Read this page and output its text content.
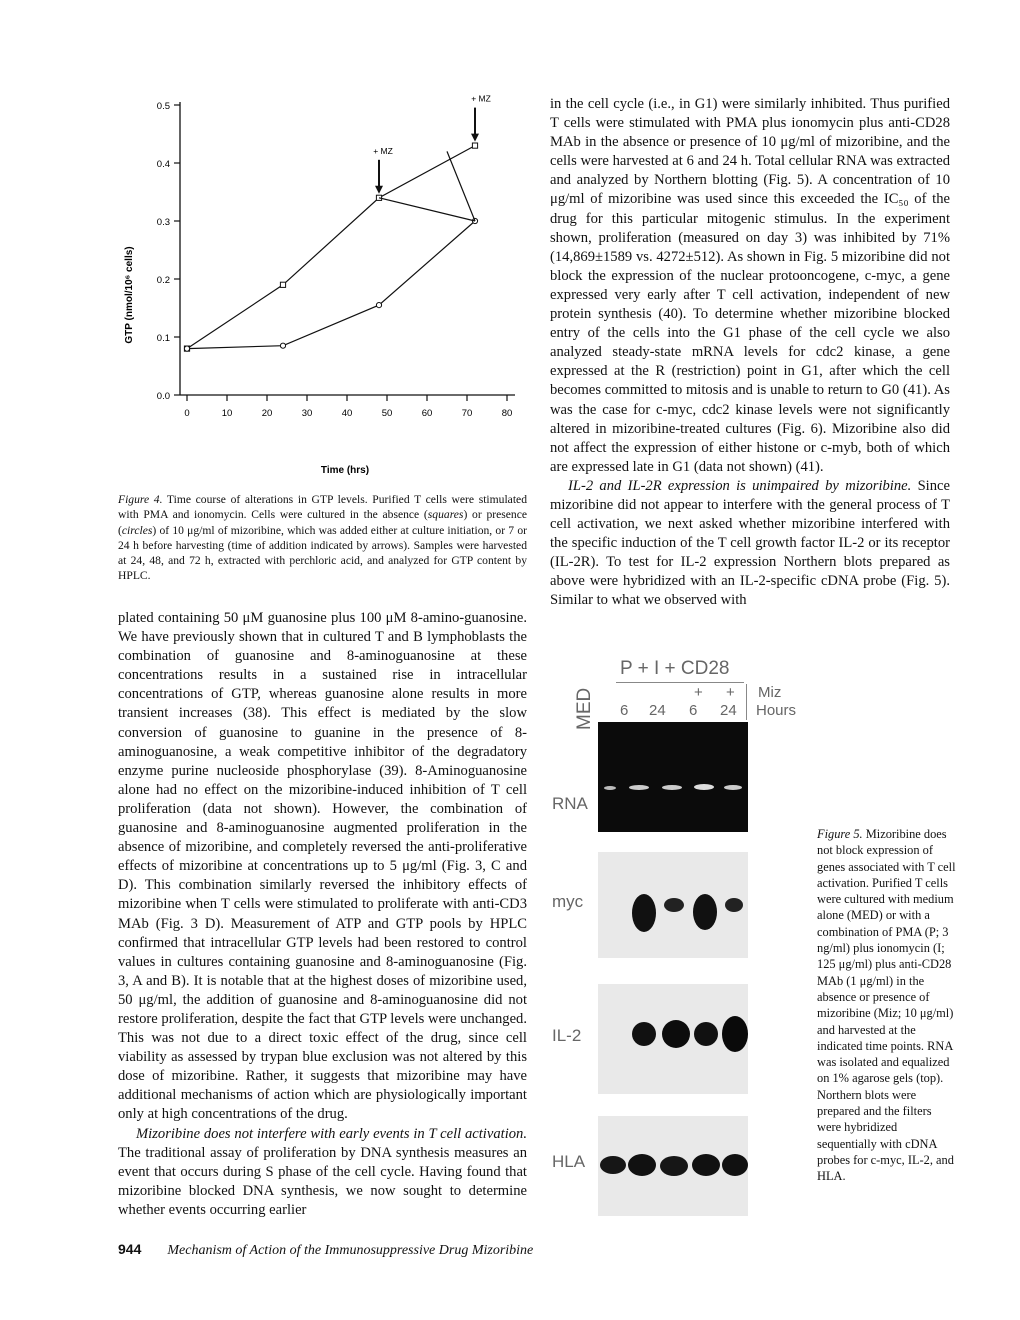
0.0
0.1
0.2
0.3
0.4
0.5
0	10	20	30	40	50	60	70	80
+ MZ
+ MZ
GTP (nmol/10⁶ cells)
Time (hrs)
Figure 4. Time course of alterations in GTP levels. Purified T cells were stimulated with PMA and ionomycin. Cells were cultured in the absence (squares) or presence (circles) of 10 μg/ml of mizoribine, which was added either at culture initiation, or 7 or 24 h before harvesting (time of addition indicated by arrows). Samples were harvested at 24, 48, and 72 h, extracted with perchloric acid, and analyzed for GTP content by HPLC.

plated containing 50 μM guanosine plus 100 μM 8-amino-guanosine. We have previously shown that in cultured T and B lymphoblasts the combination of guanosine and 8-aminoguanosine at these concentrations results in a sustained rise in intracellular concentrations of GTP, whereas guanosine alone results in more transient increases (38). This effect is mediated by the slow conversion of guanosine to guanine in the presence of 8-aminoguanosine, a weak competitive inhibitor of the degradatory enzyme purine nucleoside phosphorylase (39). 8-Aminoguanosine alone had no effect on the mizoribine-induced inhibition of T cell proliferation (data not shown). However, the combination of guanosine and 8-aminoguanosine augmented proliferation in the absence of mizoribine, and completely reversed the anti-proliferative effects of mizoribine at concentrations up to 5 μg/ml (Fig. 3, C and D). This combination similarly reversed the inhibitory effects of mizoribine when T cells were stimulated to proliferate with anti-CD3 MAb (Fig. 3 D). Measurement of ATP and GTP pools by HPLC confirmed that intracellular GTP levels had been restored to control values in cultures containing guanosine and 8-aminoguanosine (Fig. 3, A and B). It is notable that at the highest doses of mizoribine used, 50 μg/ml, the addition of guanosine and 8-aminoguanosine did not restore proliferation, despite the fact that GTP levels were unchanged. This was not due to a direct toxic effect of the drug, since cell viability as assessed by trypan blue exclusion was not altered by this dose of mizoribine. Rather, it suggests that mizoribine may have additional mechanisms of action which are physiologically important only at high concentrations of the drug.

Mizoribine does not interfere with early events in T cell activation. The traditional assay of proliferation by DNA synthesis measures an event that occurs during S phase of the cell cycle. Having found that mizoribine blocked DNA synthesis, we now sought to determine whether events occurring earlier

in the cell cycle (i.e., in G1) were similarly inhibited. Thus purified T cells were stimulated with PMA plus ionomycin plus anti-CD28 MAb in the absence or presence of 10 μg/ml of mizoribine, and the cells were harvested at 6 and 24 h. Total cellular RNA was extracted and analyzed by Northern blotting (Fig. 5). A concentration of 10 μg/ml of mizoribine was used since this exceeded the IC₅₀ of the drug for this particular mitogenic stimulus. In the experiment shown, proliferation (measured on day 3) was inhibited by 71% (14,869±1589 vs. 4272±512). As shown in Fig. 5 mizoribine did not block the expression of the nuclear protooncogene, c-myc, a gene expressed very early after T cell activation, independent of new protein synthesis (40). To determine whether mizoribine blocked entry of the cells into the G1 phase of the cell cycle we also analyzed steady-state mRNA levels for cdc2 kinase, a gene expressed at the R (restriction) point in G1, after which the cell becomes committed to mitosis and is unable to return to G0 (41). As was the case for c-myc, cdc2 kinase levels were not significantly altered in mizoribine-treated cultures (Fig. 6). Mizoribine also did not affect the expression of either histone or c-myb, both of which are expressed late in G1 (data not shown) (41).

IL-2 and IL-2R expression is unimpaired by mizoribine. Since mizoribine did not appear to interfere with the general process of T cell activation, we next asked whether mizoribine interfered with the specific induction of the T cell growth factor IL-2 or its receptor (IL-2R). To test for IL-2 expression Northern blots prepared as above were hybridized with an IL-2-specific cDNA probe (Fig. 5). Similar to what we observed with

MED
P + I + CD28
+ + Miz
6 24 6 24 Hours
RNA
myc
IL-2
HLA
Figure 5. Mizoribine does not block expression of genes associated with T cell activation. Purified T cells were cultured with medium alone (MED) or with a combination of PMA (P; 3 ng/ml) plus ionomycin (I; 125 μg/ml) plus anti-CD28 MAb (1 μg/ml) in the absence or presence of mizoribine (Miz; 10 μg/ml) and harvested at the indicated time points. RNA was isolated and equalized on 1% agarose gels (top). Northern blots were prepared and the filters were hybridized sequentially with cDNA probes for c-myc, IL-2, and HLA.
944 Mechanism of Action of the Immunosuppressive Drug Mizoribine
